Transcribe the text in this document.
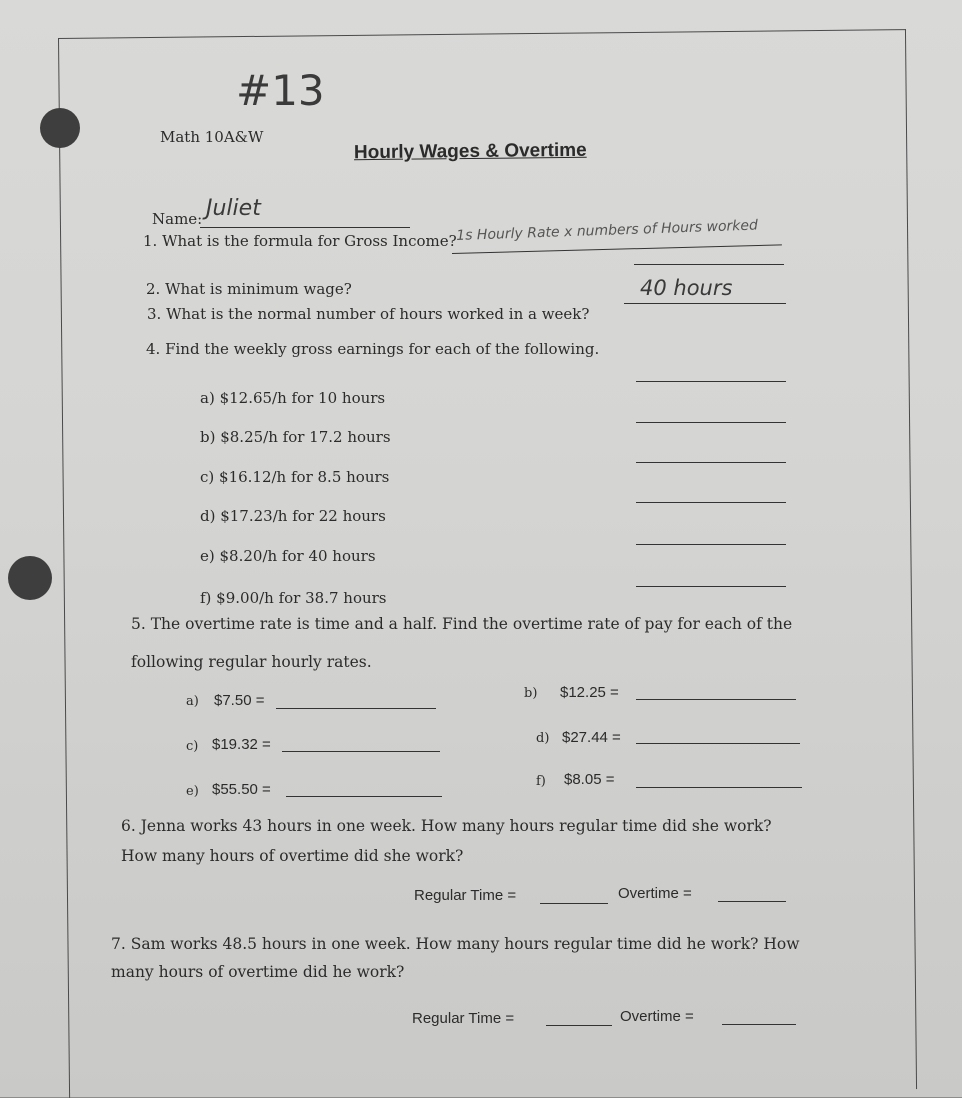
#13
Math 10A&W
Hourly Wages & Overtime
Name: Juliet
1. What is the formula for Gross Income? 1s Hourly Rate x numbers of Hours worked
2. What is minimum wage?
3. What is the normal number of hours worked in a week?
40 hours
4. Find the weekly gross earnings for each of the following.
a) $12.65/h for 10 hours
b) $8.25/h for 17.2 hours
c) $16.12/h for 8.5 hours
d) $17.23/h for 22 hours
e) $8.20/h for 40 hours
f) $9.00/h for 38.7 hours
5. The overtime rate is time and a half. Find the overtime rate of pay for each of the
following regular hourly rates.
a) $7.50 =	b) $12.25 =
c) $19.32 =	d) $27.44 =
e) $55.50 =	f) $8.05 =
6. Jenna works 43 hours in one week. How many hours regular time did she work?
How many hours of overtime did she work?
Regular Time =	Overtime =
7. Sam works 48.5 hours in one week. How many hours regular time did he work? How
many hours of overtime did he work?
Regular Time =	Overtime =
